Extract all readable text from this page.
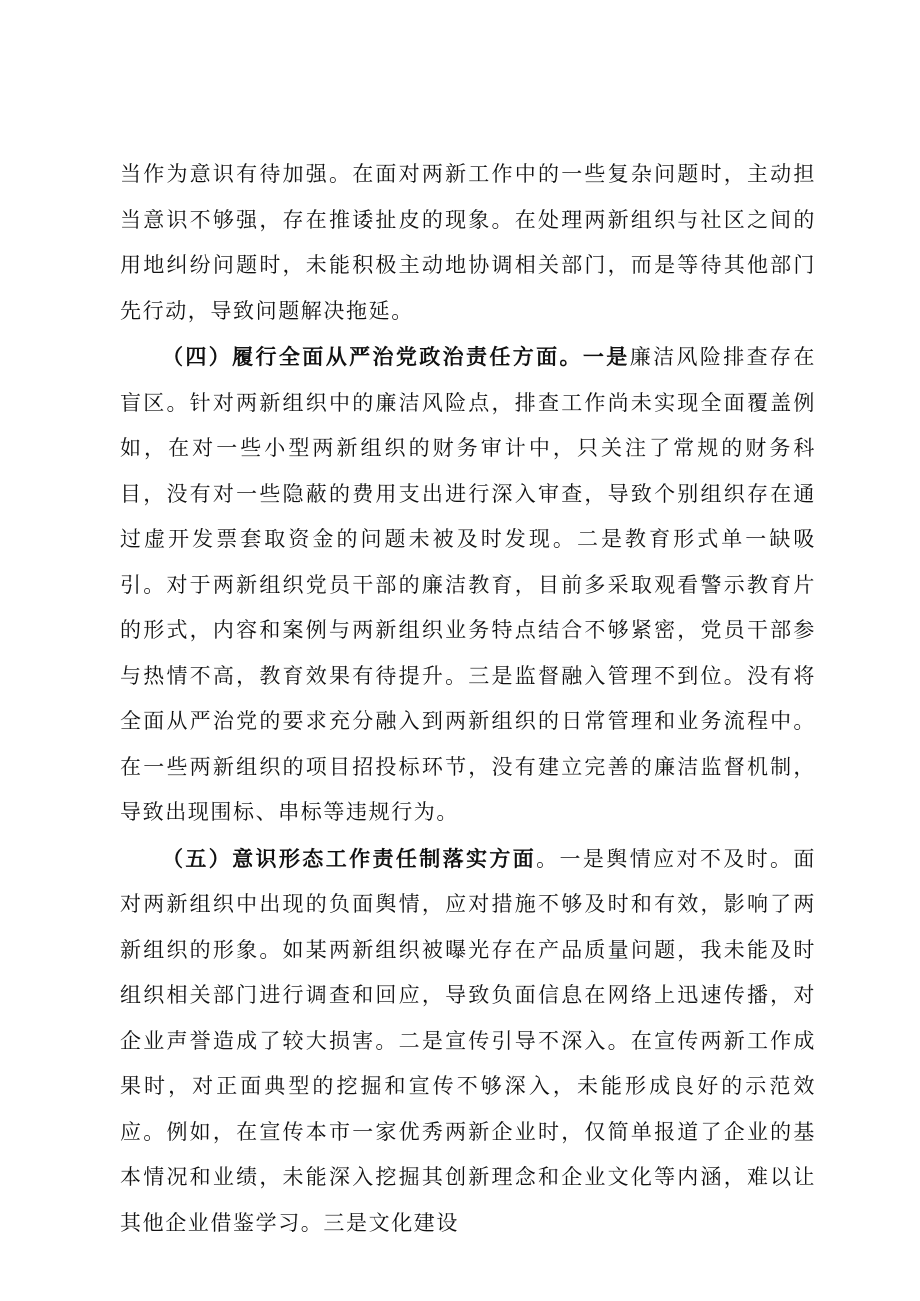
当作为意识有待加强。在面对两新工作中的一些复杂问题时，主动担当意识不够强，存在推诿扯皮的现象。在处理两新组织与社区之间的用地纠纷问题时，未能积极主动地协调相关部门，而是等待其他部门先行动，导致问题解决拖延。

（四）履行全面从严治党政治责任方面。一是廉洁风险排查存在盲区。针对两新组织中的廉洁风险点，排查工作尚未实现全面覆盖例如，在对一些小型两新组织的财务审计中，只关注了常规的财务科目，没有对一些隐蔽的费用支出进行深入审查，导致个别组织存在通过虚开发票套取资金的问题未被及时发现。二是教育形式单一缺吸引。对于两新组织党员干部的廉洁教育，目前多采取观看警示教育片的形式，内容和案例与两新组织业务特点结合不够紧密，党员干部参与热情不高，教育效果有待提升。三是监督融入管理不到位。没有将全面从严治党的要求充分融入到两新组织的日常管理和业务流程中。在一些两新组织的项目招投标环节，没有建立完善的廉洁监督机制，导致出现围标、串标等违规行为。

（五）意识形态工作责任制落实方面。一是舆情应对不及时。面对两新组织中出现的负面舆情，应对措施不够及时和有效，影响了两新组织的形象。如某两新组织被曝光存在产品质量问题，我未能及时组织相关部门进行调查和回应，导致负面信息在网络上迅速传播，对企业声誉造成了较大损害。二是宣传引导不深入。在宣传两新工作成果时，对正面典型的挖掘和宣传不够深入，未能形成良好的示范效应。例如，在宣传本市一家优秀两新企业时，仅简单报道了企业的基本情况和业绩，未能深入挖掘其创新理念和企业文化等内涵，难以让其他企业借鉴学习。三是文化建设
